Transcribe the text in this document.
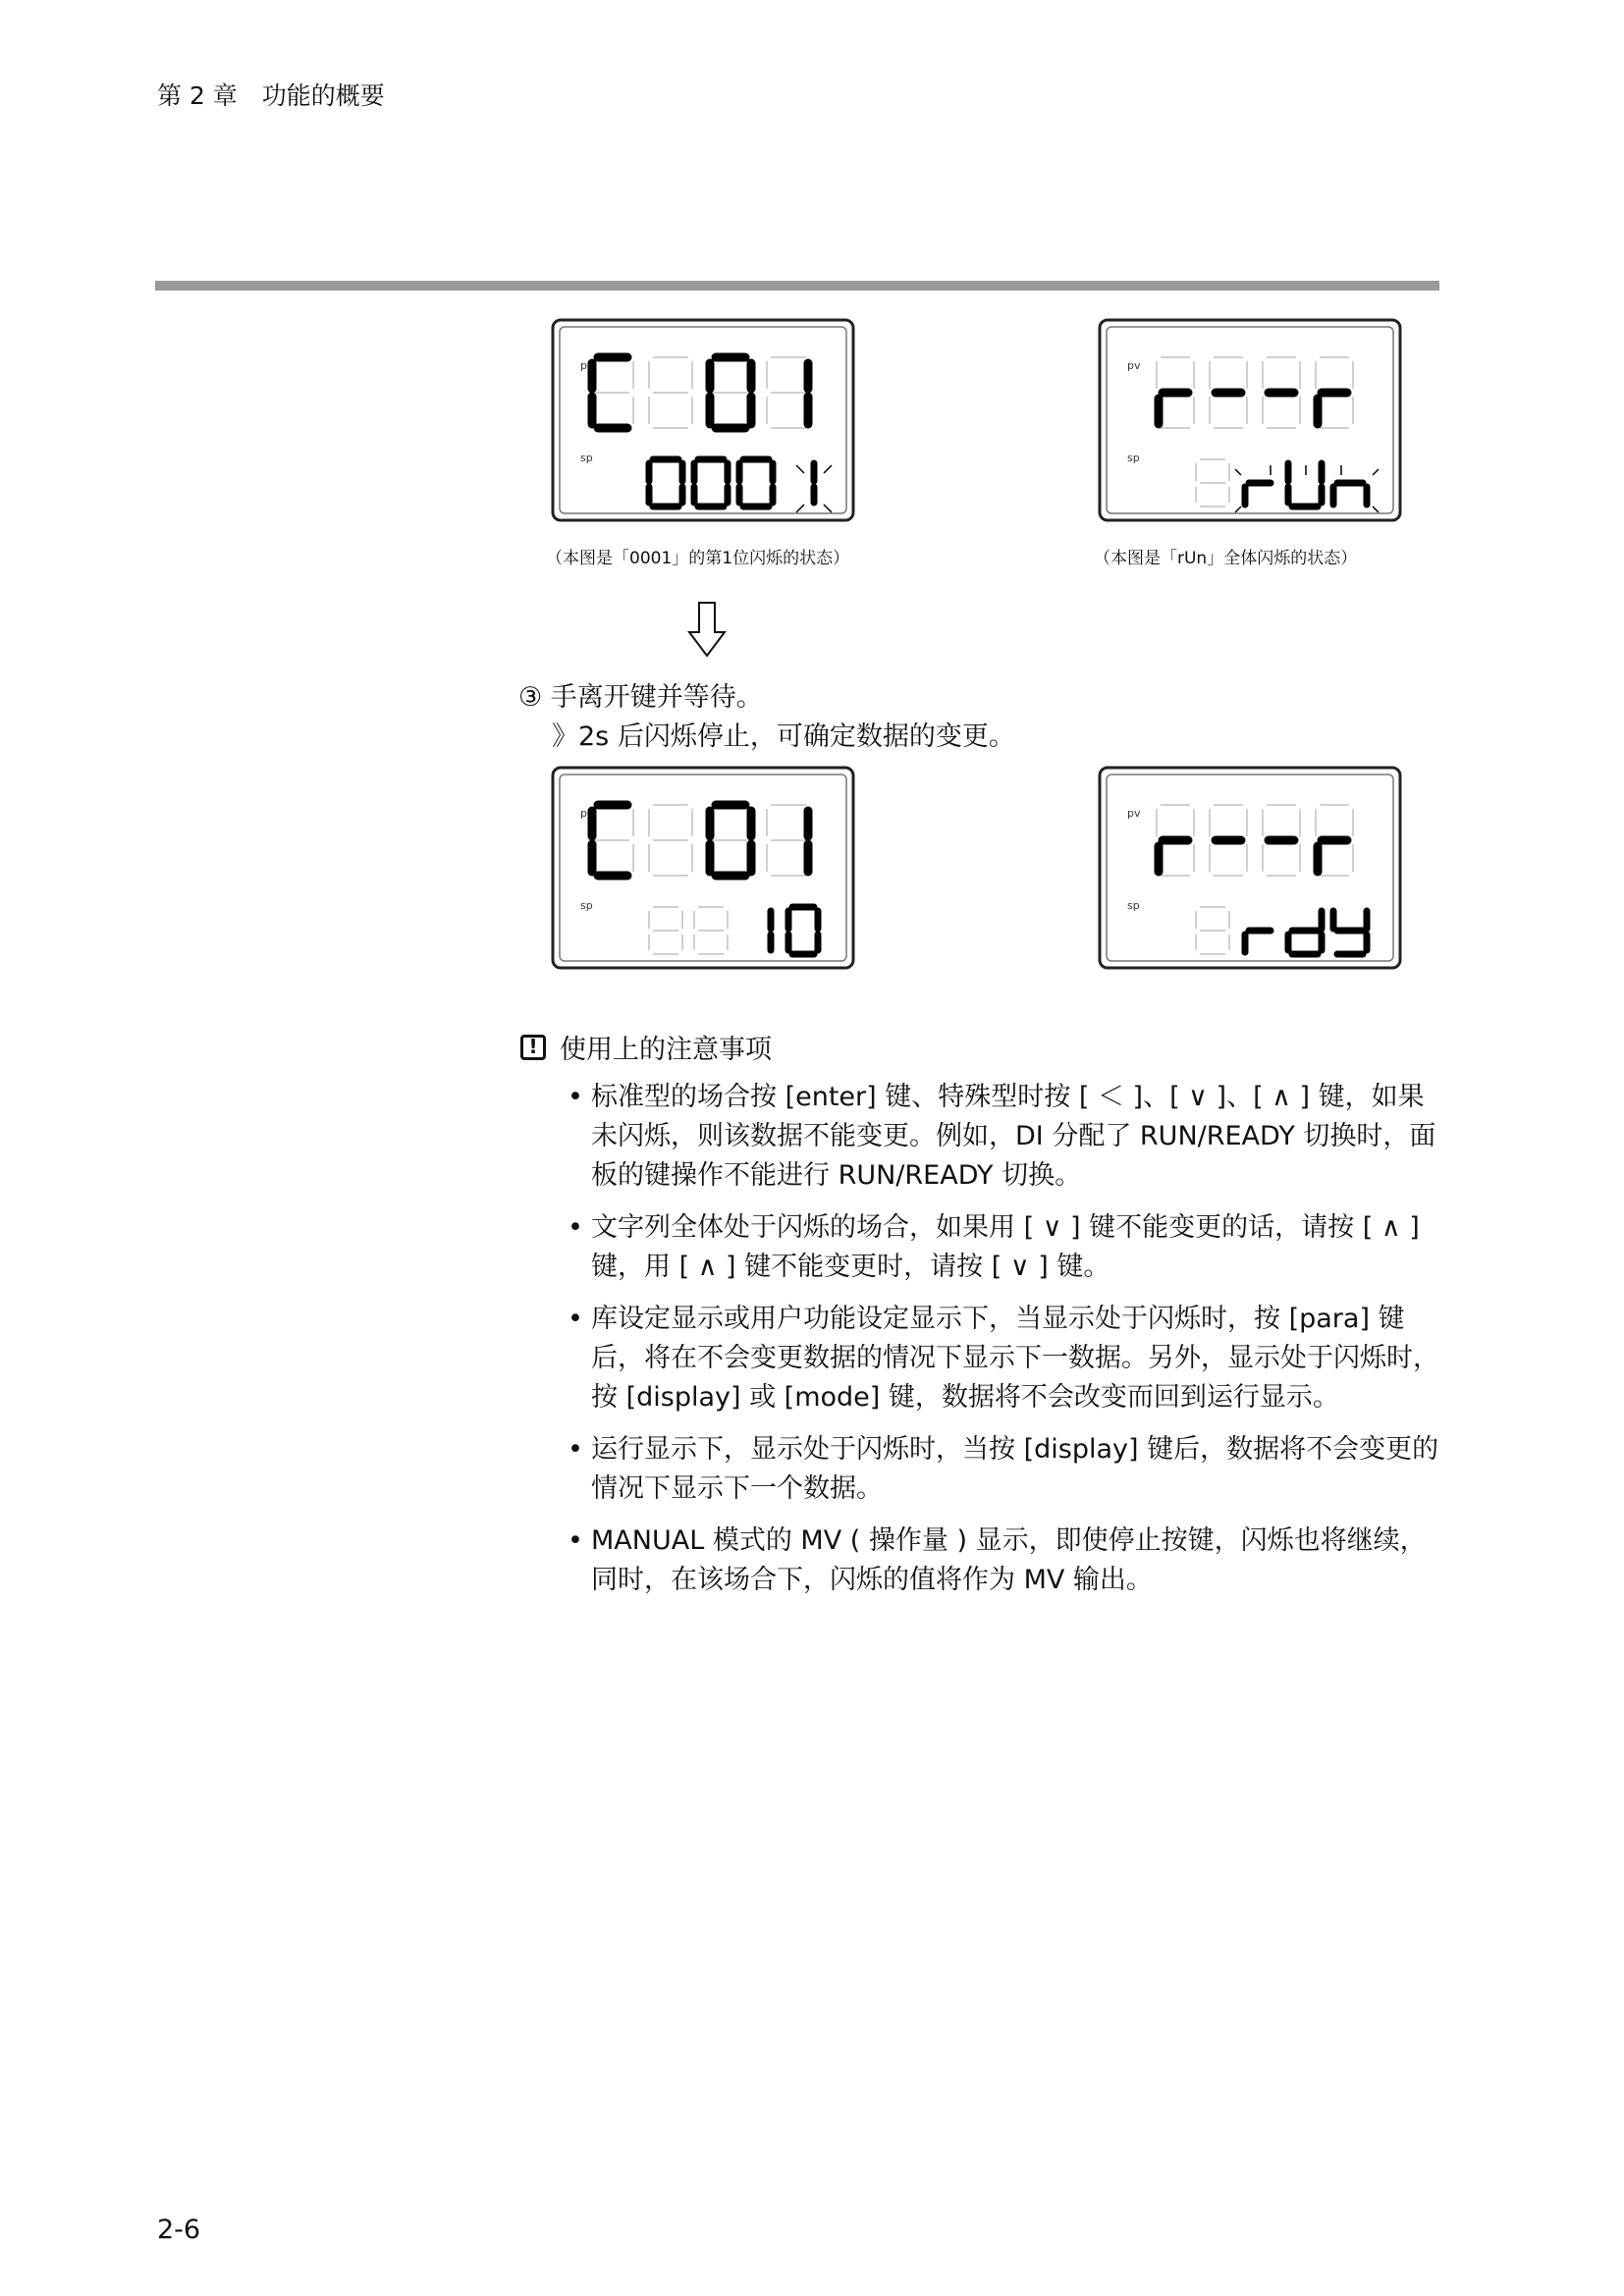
第 2 章　功能的概要
pv
sp
（本图是「0001」的第1位闪烁的状态）
pv
sp
（本图是「rUn」全体闪烁的状态）
③ 手离开键并等待。
》2s 后闪烁停止，可确定数据的变更。
pv
sp
pv
sp
! 使用上的注意事项
• 标准型的场合按 [enter] 键、特殊型时按 [ ＜ ]、[ ∨ ]、[ ∧ ] 键，如果未闪烁，则该数据不能变更。例如，DI 分配了 RUN/READY 切换时，面板的键操作不能进行 RUN/READY 切换。
• 文字列全体处于闪烁的场合，如果用 [ ∨ ] 键不能变更的话，请按 [ ∧ ] 键，用 [ ∧ ] 键不能变更时，请按 [ ∨ ] 键。
• 库设定显示或用户功能设定显示下，当显示处于闪烁时，按 [para] 键后，将在不会变更数据的情况下显示下一数据。另外，显示处于闪烁时，按 [display] 或 [mode] 键，数据将不会改变而回到运行显示。
• 运行显示下，显示处于闪烁时，当按 [display] 键后，数据将不会变更的情况下显示下一个数据。
• MANUAL 模式的 MV ( 操作量 ) 显示，即使停止按键，闪烁也将继续，同时，在该场合下，闪烁的值将作为 MV 输出。
2-6
